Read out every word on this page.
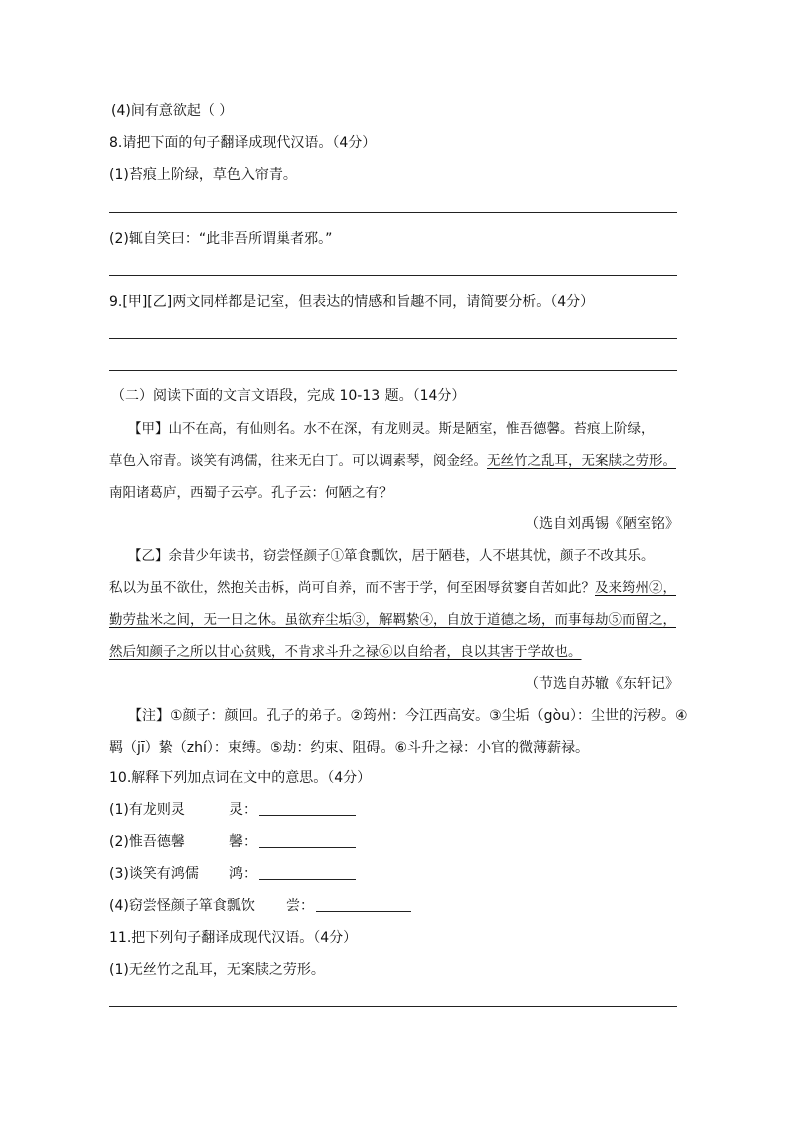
(4)间有意欲起（ ）
8.请把下面的句子翻译成现代汉语。（4分）
(1)苔痕上阶绿，草色入帘青。
(2)辄自笑曰：“此非吾所谓巢者邪。”
9.[甲][乙]两文同样都是记室，但表达的情感和旨趣不同，请简要分析。（4分）
（二）阅读下面的文言文语段，完成 10-13 题。（14分）
【甲】山不在高，有仙则名。水不在深，有龙则灵。斯是陋室，惟吾德馨。苔痕上阶绿，
草色入帘青。谈笑有鸿儒，往来无白丁。可以调素琴，阅金经。无丝竹之乱耳，无案牍之劳形。
南阳诸葛庐，西蜀子云亭。孔子云：何陋之有？
（选自刘禹锡《陋室铭》
【乙】余昔少年读书，窃尝怪颜子①箪食瓢饮，居于陋巷，人不堪其忧，颜子不改其乐。
私以为虽不欲仕，然抱关击柝，尚可自养，而不害于学，何至困辱贫窭自苦如此？及来筠州②，
勤劳盐米之间，无一日之休。虽欲弃尘垢③，解羁絷④，自放于道德之场，而事每劫⑤而留之，
然后知颜子之所以甘心贫贱，不肯求斗升之禄⑥以自给者，良以其害于学故也。
（节选自苏辙《东轩记》
【注】①颜子：颜回。孔子的弟子。②筠州：今江西高安。③尘垢（gòu）：尘世的污秽。④
羁（jī）絷（zhí）：束缚。⑤劫：约束、阻碍。⑥斗升之禄：小官的微薄薪禄。
10.解释下列加点词在文中的意思。（4分）
(1)有龙则灵	灵：
(2)惟吾德馨	馨：
(3)谈笑有鸿儒 鸿：
(4)窃尝怪颜子箪食瓢饮 尝：
11.把下列句子翻译成现代汉语。（4分）
(1)无丝竹之乱耳，无案牍之劳形。
